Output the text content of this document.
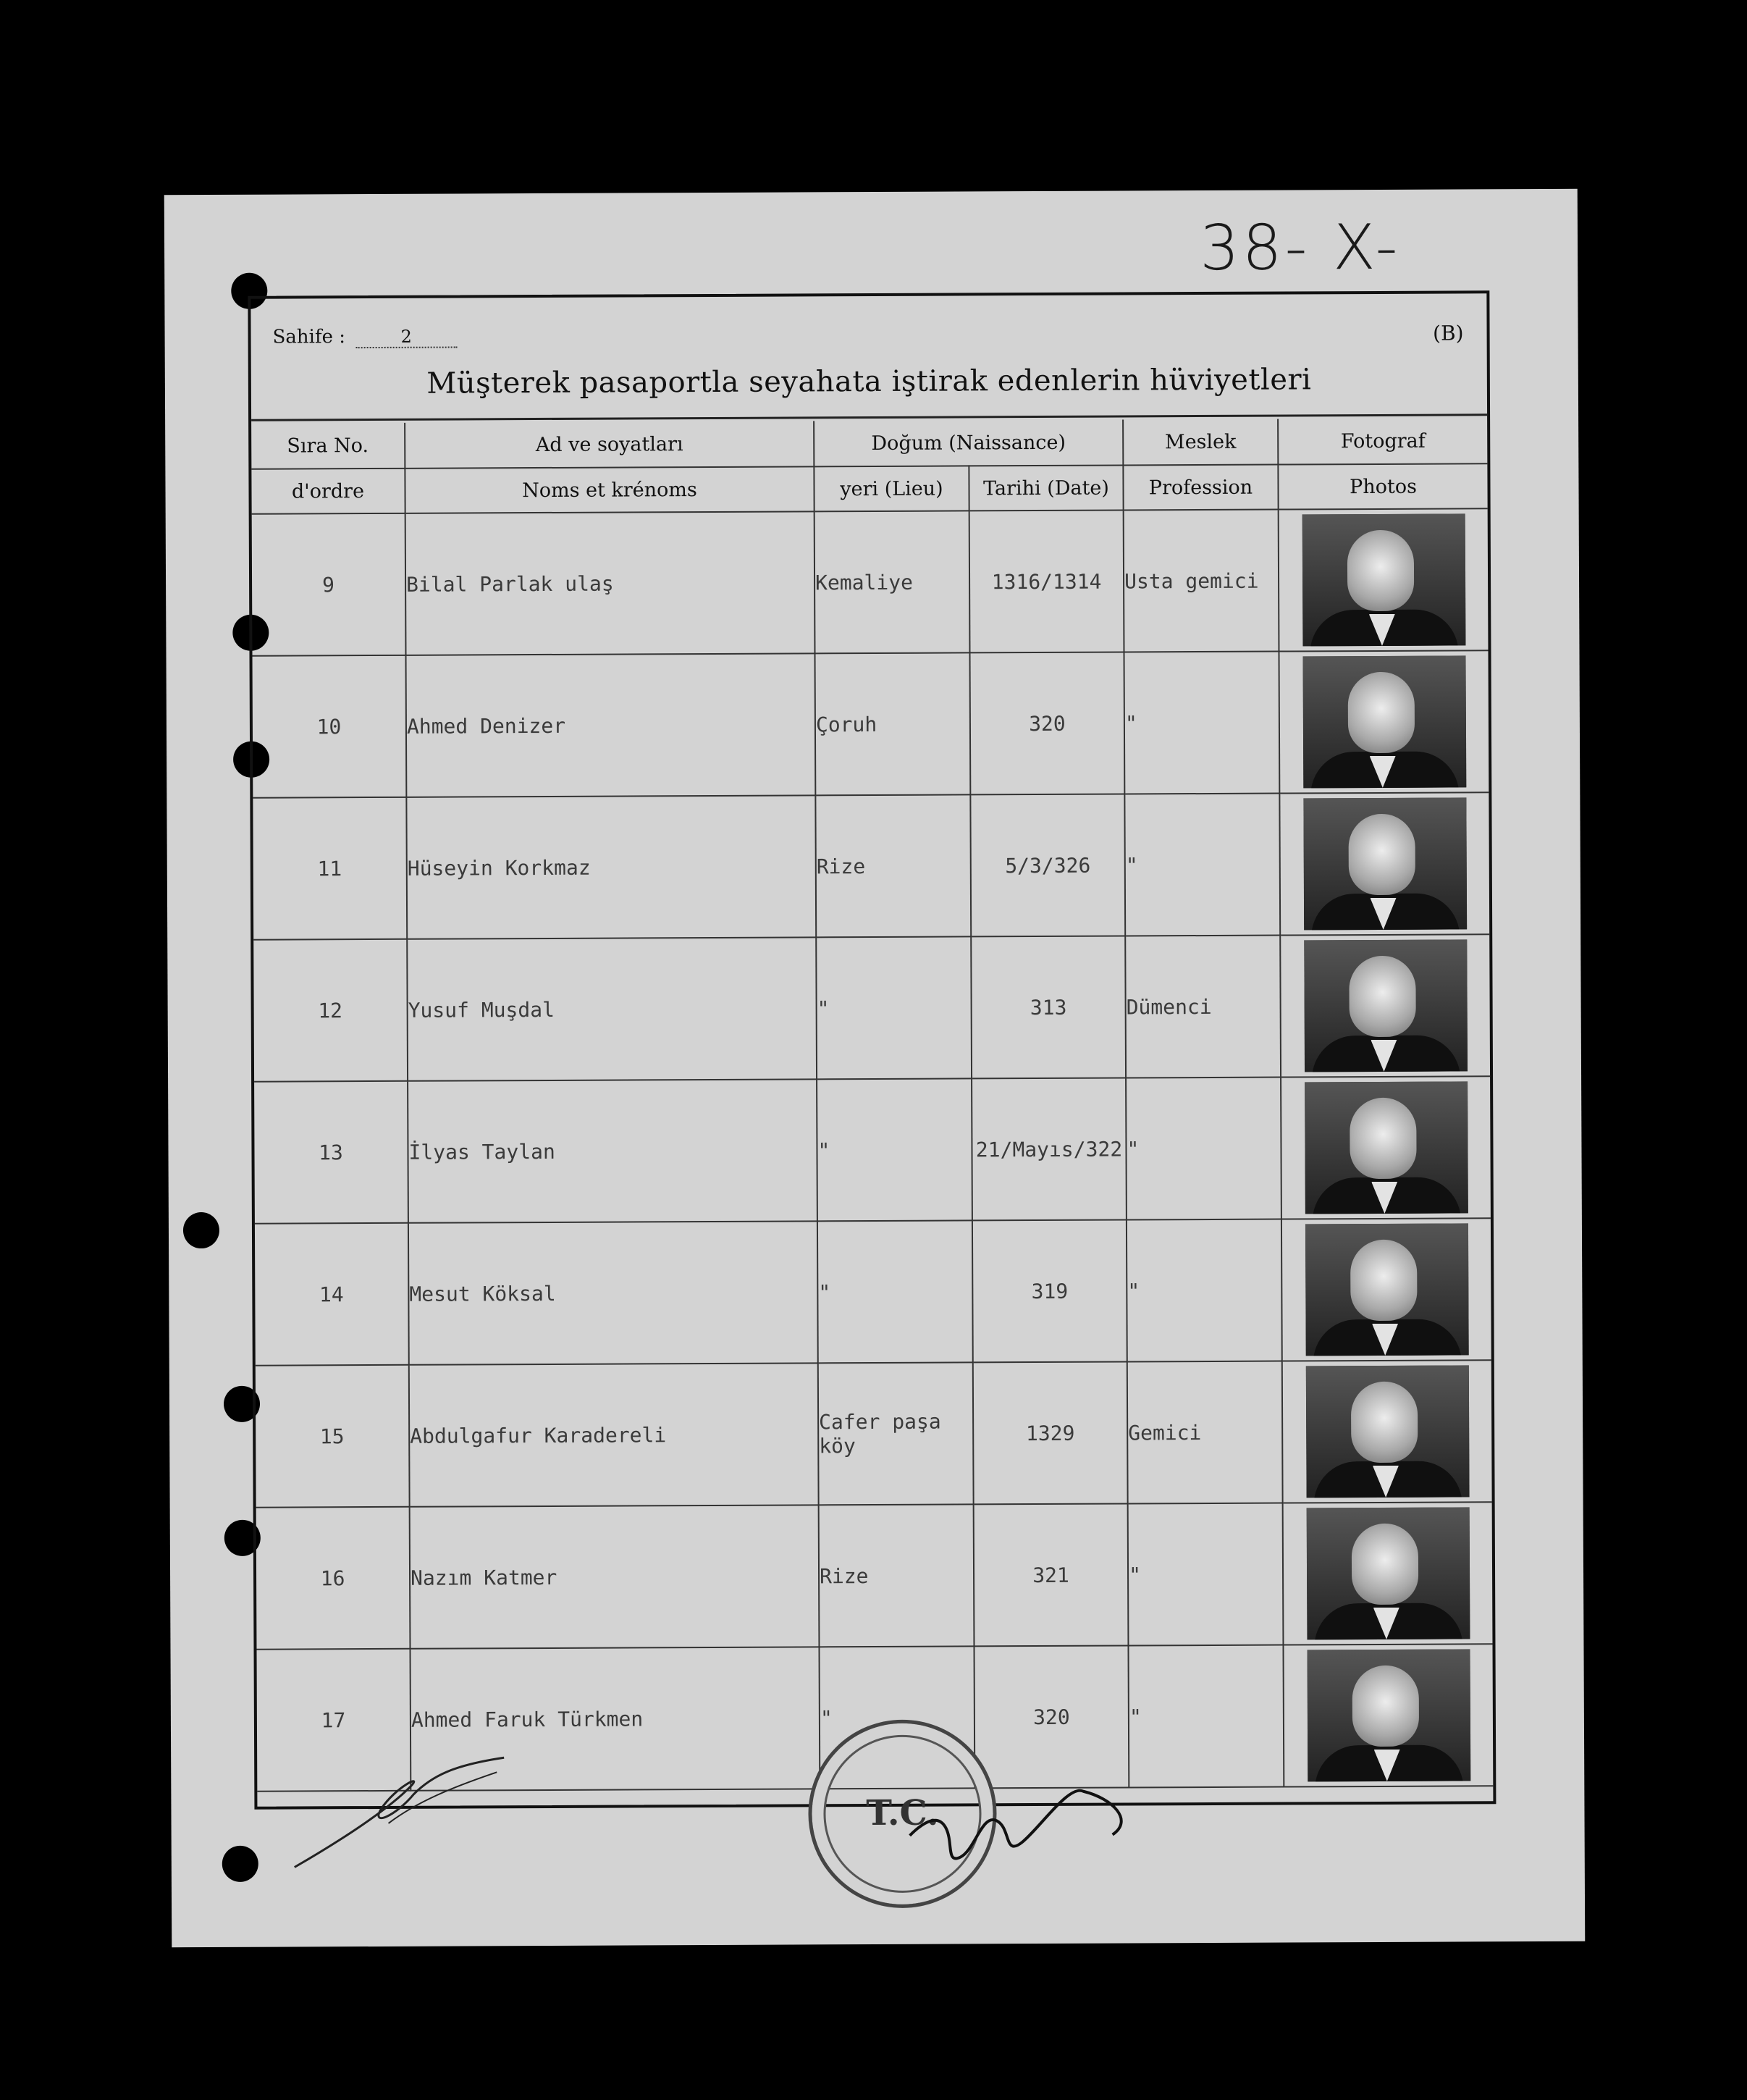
38- X-
Sahife :	2	(B)
Müşterek pasaportla seyahata iştirak edenlerin hüviyetleri
Sıra No.	Ad ve soyatları	Doğum (Naissance)		Meslek	Fotograf
d'ordre	Noms et krénoms	yeri (Lieu)	Tarihi (Date)	Profession	Photos
9	Bilal Parlak ulaş	Kemaliye	1316/1314	Usta gemici	

10	Ahmed Denizer	Çoruh	320	"	

11	Hüseyin Korkmaz	Rize	5/3/326	"	

12	Yusuf Muşdal	"	313	Dümenci	

13	İlyas Taylan	"	21/Mayıs/322	"	

14	Mesut Köksal	"	319	"	

15	Abdulgafur Karadereli	Cafer paşa köy	1329	Gemici	

16	Nazım Katmer	Rize	321	"	

17	Ahmed Faruk Türkmen	"	320	"	
T.C.
